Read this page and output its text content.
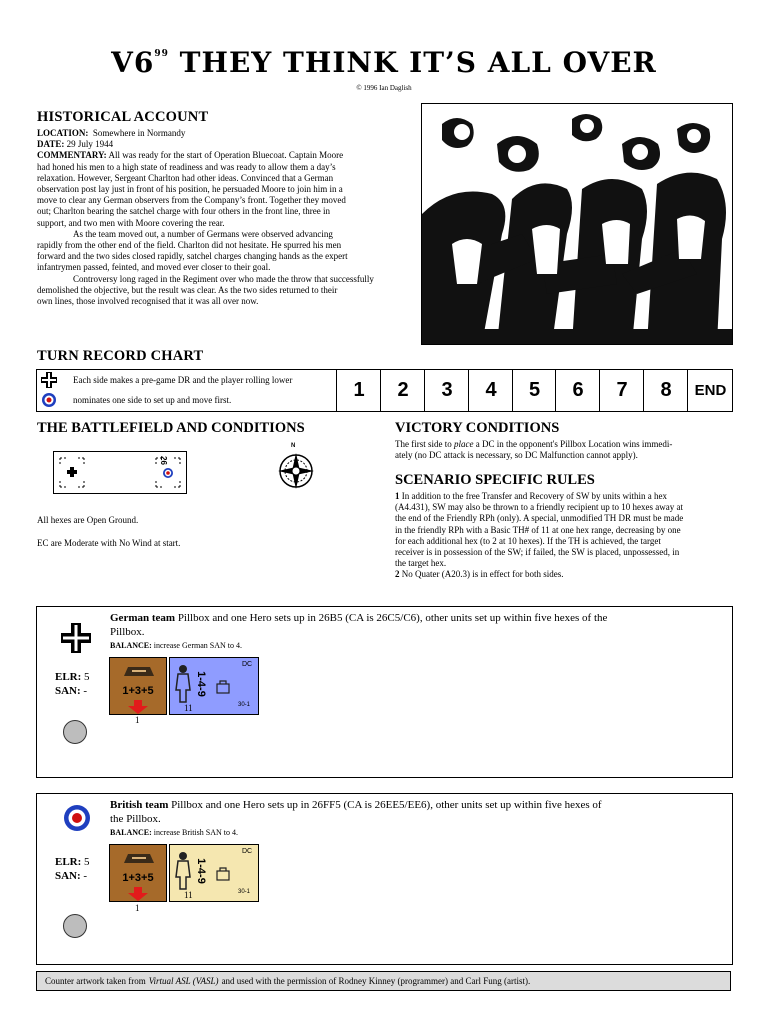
$V6^{99}$ THEY THINK IT’S ALL OVER
© 1996 Ian Daglish
HISTORICAL ACCOUNT
LOCATION: Somewhere in Normandy
DATE: 29 July 1944
COMMENTARY: All was ready for the start of Operation Bluecoat. Captain Moore
had honed his men to a high state of readiness and was ready to allow them a day’s
relaxation. However, Sergeant Charlton had other ideas. Convinced that a German
observation post lay just in front of his position, he persuaded Moore to join him in a
move to clear any German observers from the Company’s front. Together they moved
out; Charlton bearing the satchel charge with four others in the front line, three in
support, and two men with Moore covering the rear.
As the team moved out, a number of Germans were observed advancing
rapidly from the other end of the field. Charlton did not hesitate. He spurred his men
forward and the two sides closed rapidly, satchel charges changing hands as the expert
infantrymen passed, feinted, and moved ever closer to their goal.
Controversy long raged in the Regiment over who made the throw that successfully
demolished the objective, but the result was clear. As the two sides returned to their
own lines, those involved recognised that it was all over now.
TURN RECORD CHART
Each side makes a pre-game DR and the player rolling lower
nominates one side to set up and move first.	1	2	3	4	5	6	7	8	END
THE BATTLEFIELD AND CONDITIONS
26
N
All hexes are Open Ground.
EC are Moderate with No Wind at start.
VICTORY CONDITIONS
The first side to place a DC in the opponent's Pillbox Location wins immedi-
ately (no DC attack is necessary, so DC Malfunction cannot apply).
SCENARIO SPECIFIC RULES
1 In addition to the free Transfer and Recovery of SW by units within a hex
(A4.431), SW may also be thrown to a friendly recipient up to 10 hexes away at
the end of the Friendly RPh (only). A special, unmodified TH DR must be made
in the friendly RPh with a Basic TH# of 11 at one hex range, decreasing by one
for each additional hex (to 2 at 10 hexes). If the TH is achieved, the target
receiver is in possession of the SW; if failed, the SW is placed, unpossessed, in
the target hex.
2 No Quater (A20.3) is in effect for both sides.
German team Pillbox and one Hero sets up in 26B5 (CA is 26C5/C6), other units set up within five hexes of the
Pillbox.
BALANCE: increase German SAN to 4.
ELR: 5
SAN: -	1+3+5	1-4-9
DC
30-1
1
11
British team Pillbox and one Hero sets up in 26FF5 (CA is 26EE5/EE6), other units set up within five hexes of
the Pillbox.
BALANCE: increase British SAN to 4.
ELR: 5
SAN: -	1+3+5	1-4-9
DC
30-1
1
11
Counter artwork taken from Virtual ASL (VASL) and used with the permission of Rodney Kinney (programmer) and Carl Fung (artist).
